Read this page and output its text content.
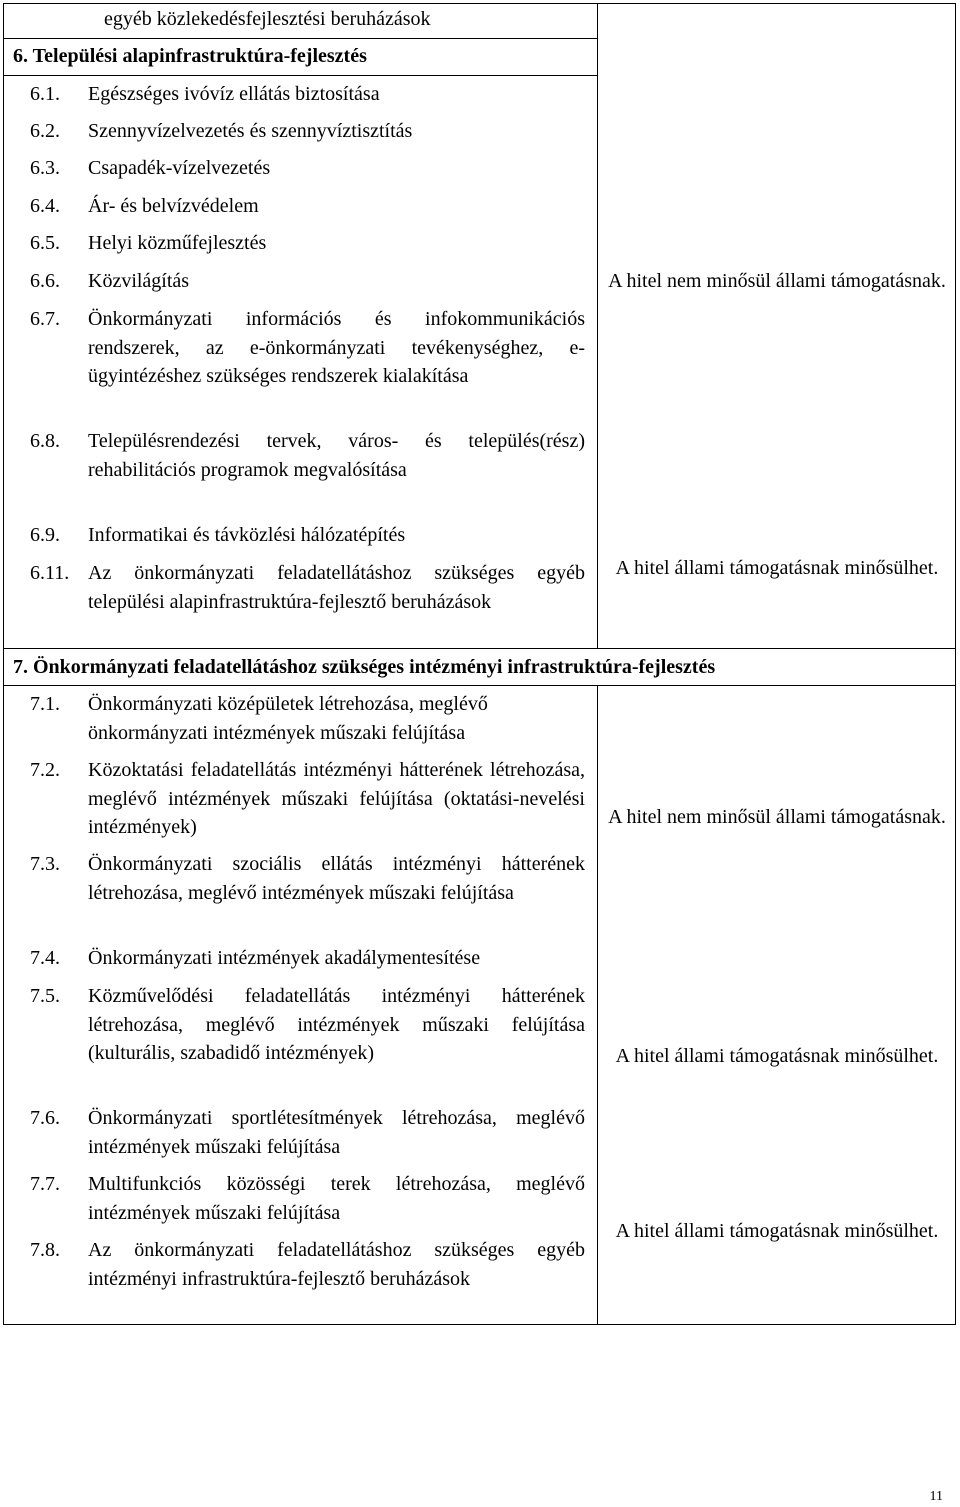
egyéb közlekedésfejlesztési beruházások
6. Települési alapinfrastruktúra-fejlesztés
6.1. Egészséges ivóvíz ellátás biztosítása
6.2. Szennyvízelvezetés és szennyvíztisztítás
6.3. Csapadék-vízelvezetés
6.4. Ár- és belvízvédelem
6.5. Helyi közműfejlesztés
6.6. Közvilágítás
6.7. Önkormányzati információs és infokommunikációs rendszerek, az e-önkormányzati tevékenységhez, e-ügyintézéshez szükséges rendszerek kialakítása
6.8. Településrendezési tervek, város- és település(rész) rehabilitációs programok megvalósítása
6.9. Informatikai és távközlési hálózatépítés
6.11. Az önkormányzati feladatellátáshoz szükséges egyéb települési alapinfrastruktúra-fejlesztő beruházások
A hitel nem minősül állami támogatásnak.
A hitel állami támogatásnak minősülhet.
7. Önkormányzati feladatellátáshoz szükséges intézményi infrastruktúra-fejlesztés
7.1. Önkormányzati középületek létrehozása, meglévő önkormányzati intézmények műszaki felújítása
7.2. Közoktatási feladatellátás intézményi hátterének létrehozása, meglévő intézmények műszaki felújítása (oktatási-nevelési intézmények)
7.3. Önkormányzati szociális ellátás intézményi hátterének létrehozása, meglévő intézmények műszaki felújítása
7.4. Önkormányzati intézmények akadálymentesítése
7.5. Közművelődési feladatellátás intézményi hátterének létrehozása, meglévő intézmények műszaki felújítása (kulturális, szabadidő intézmények)
7.6. Önkormányzati sportlétesítmények létrehozása, meglévő intézmények műszaki felújítása
7.7. Multifunkciós közösségi terek létrehozása, meglévő intézmények műszaki felújítása
7.8. Az önkormányzati feladatellátáshoz szükséges egyéb intézményi infrastruktúra-fejlesztő beruházások
A hitel nem minősül állami támogatásnak.
A hitel állami támogatásnak minősülhet.
A hitel állami támogatásnak minősülhet.
11
